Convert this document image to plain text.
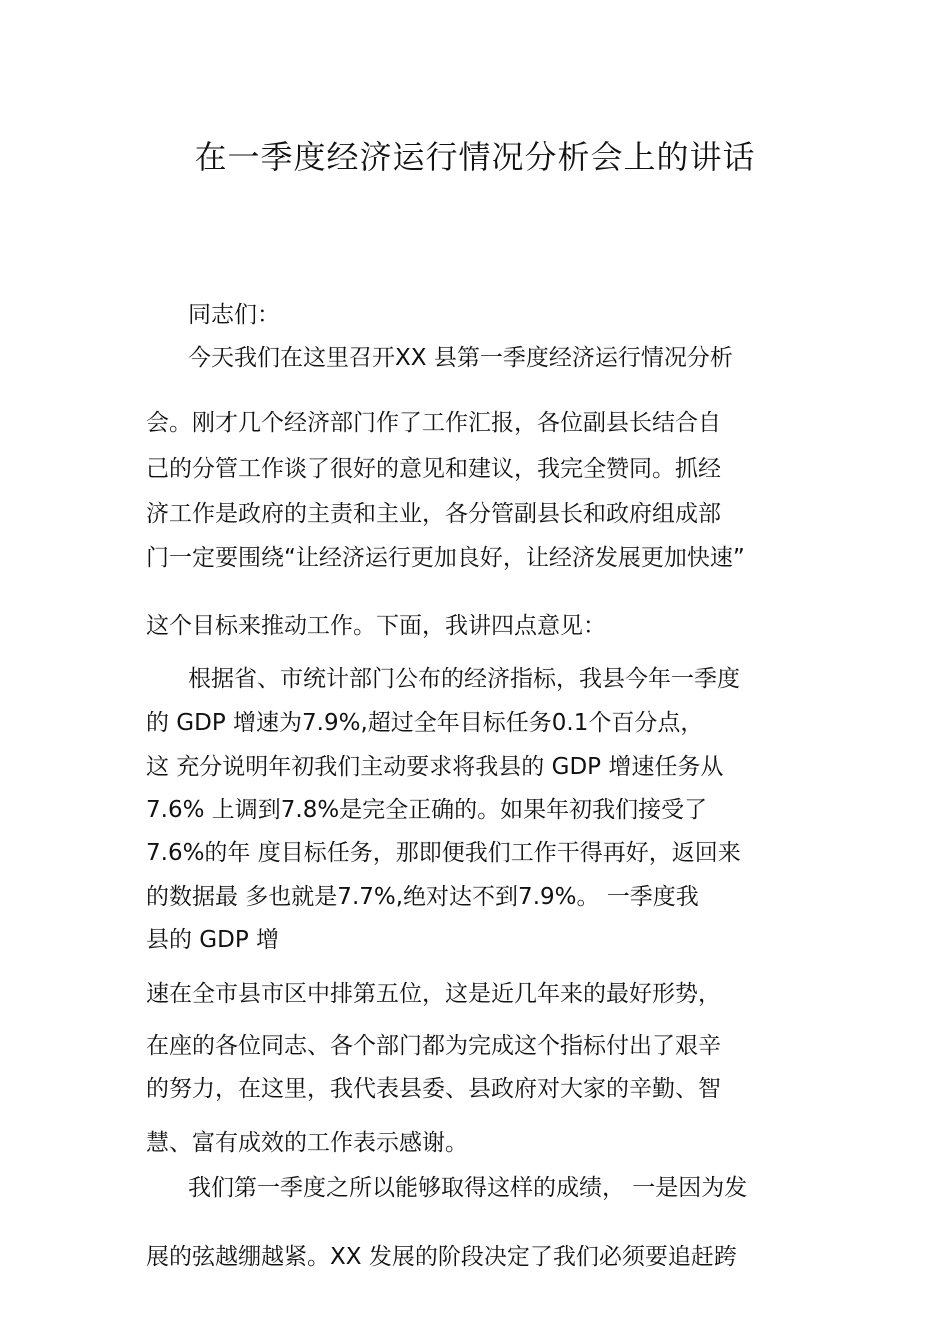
在一季度经济运行情况分析会上的讲话
同志们：
今天我们在这里召开XX 县第一季度经济运行情况分析
会。刚才几个经济部门作了工作汇报，各位副县长结合自
己的分管工作谈了很好的意见和建议，我完全赞同。抓经
济工作是政府的主责和主业，各分管副县长和政府组成部
门一定要围绕“让经济运行更加良好，让经济发展更加快速”
这个目标来推动工作。下面，我讲四点意见：
根据省、市统计部门公布的经济指标，我县今年一季度
的 GDP 增速为7.9%,超过全年目标任务0.1个百分点，
这 充分说明年初我们主动要求将我县的 GDP 增速任务从
7.6% 上调到7.8%是完全正确的。如果年初我们接受了
7.6%的年 度目标任务，那即便我们工作干得再好，返回来
的数据最 多也就是7.7%,绝对达不到7.9%。 一季度我
县的 GDP 增
速在全市县市区中排第五位，这是近几年来的最好形势，
在座的各位同志、各个部门都为完成这个指标付出了艰辛
的努力，在这里，我代表县委、县政府对大家的辛勤、智
慧、富有成效的工作表示感谢。
我们第一季度之所以能够取得这样的成绩， 一是因为发
展的弦越绷越紧。XX 发展的阶段决定了我们必须要追赶跨
